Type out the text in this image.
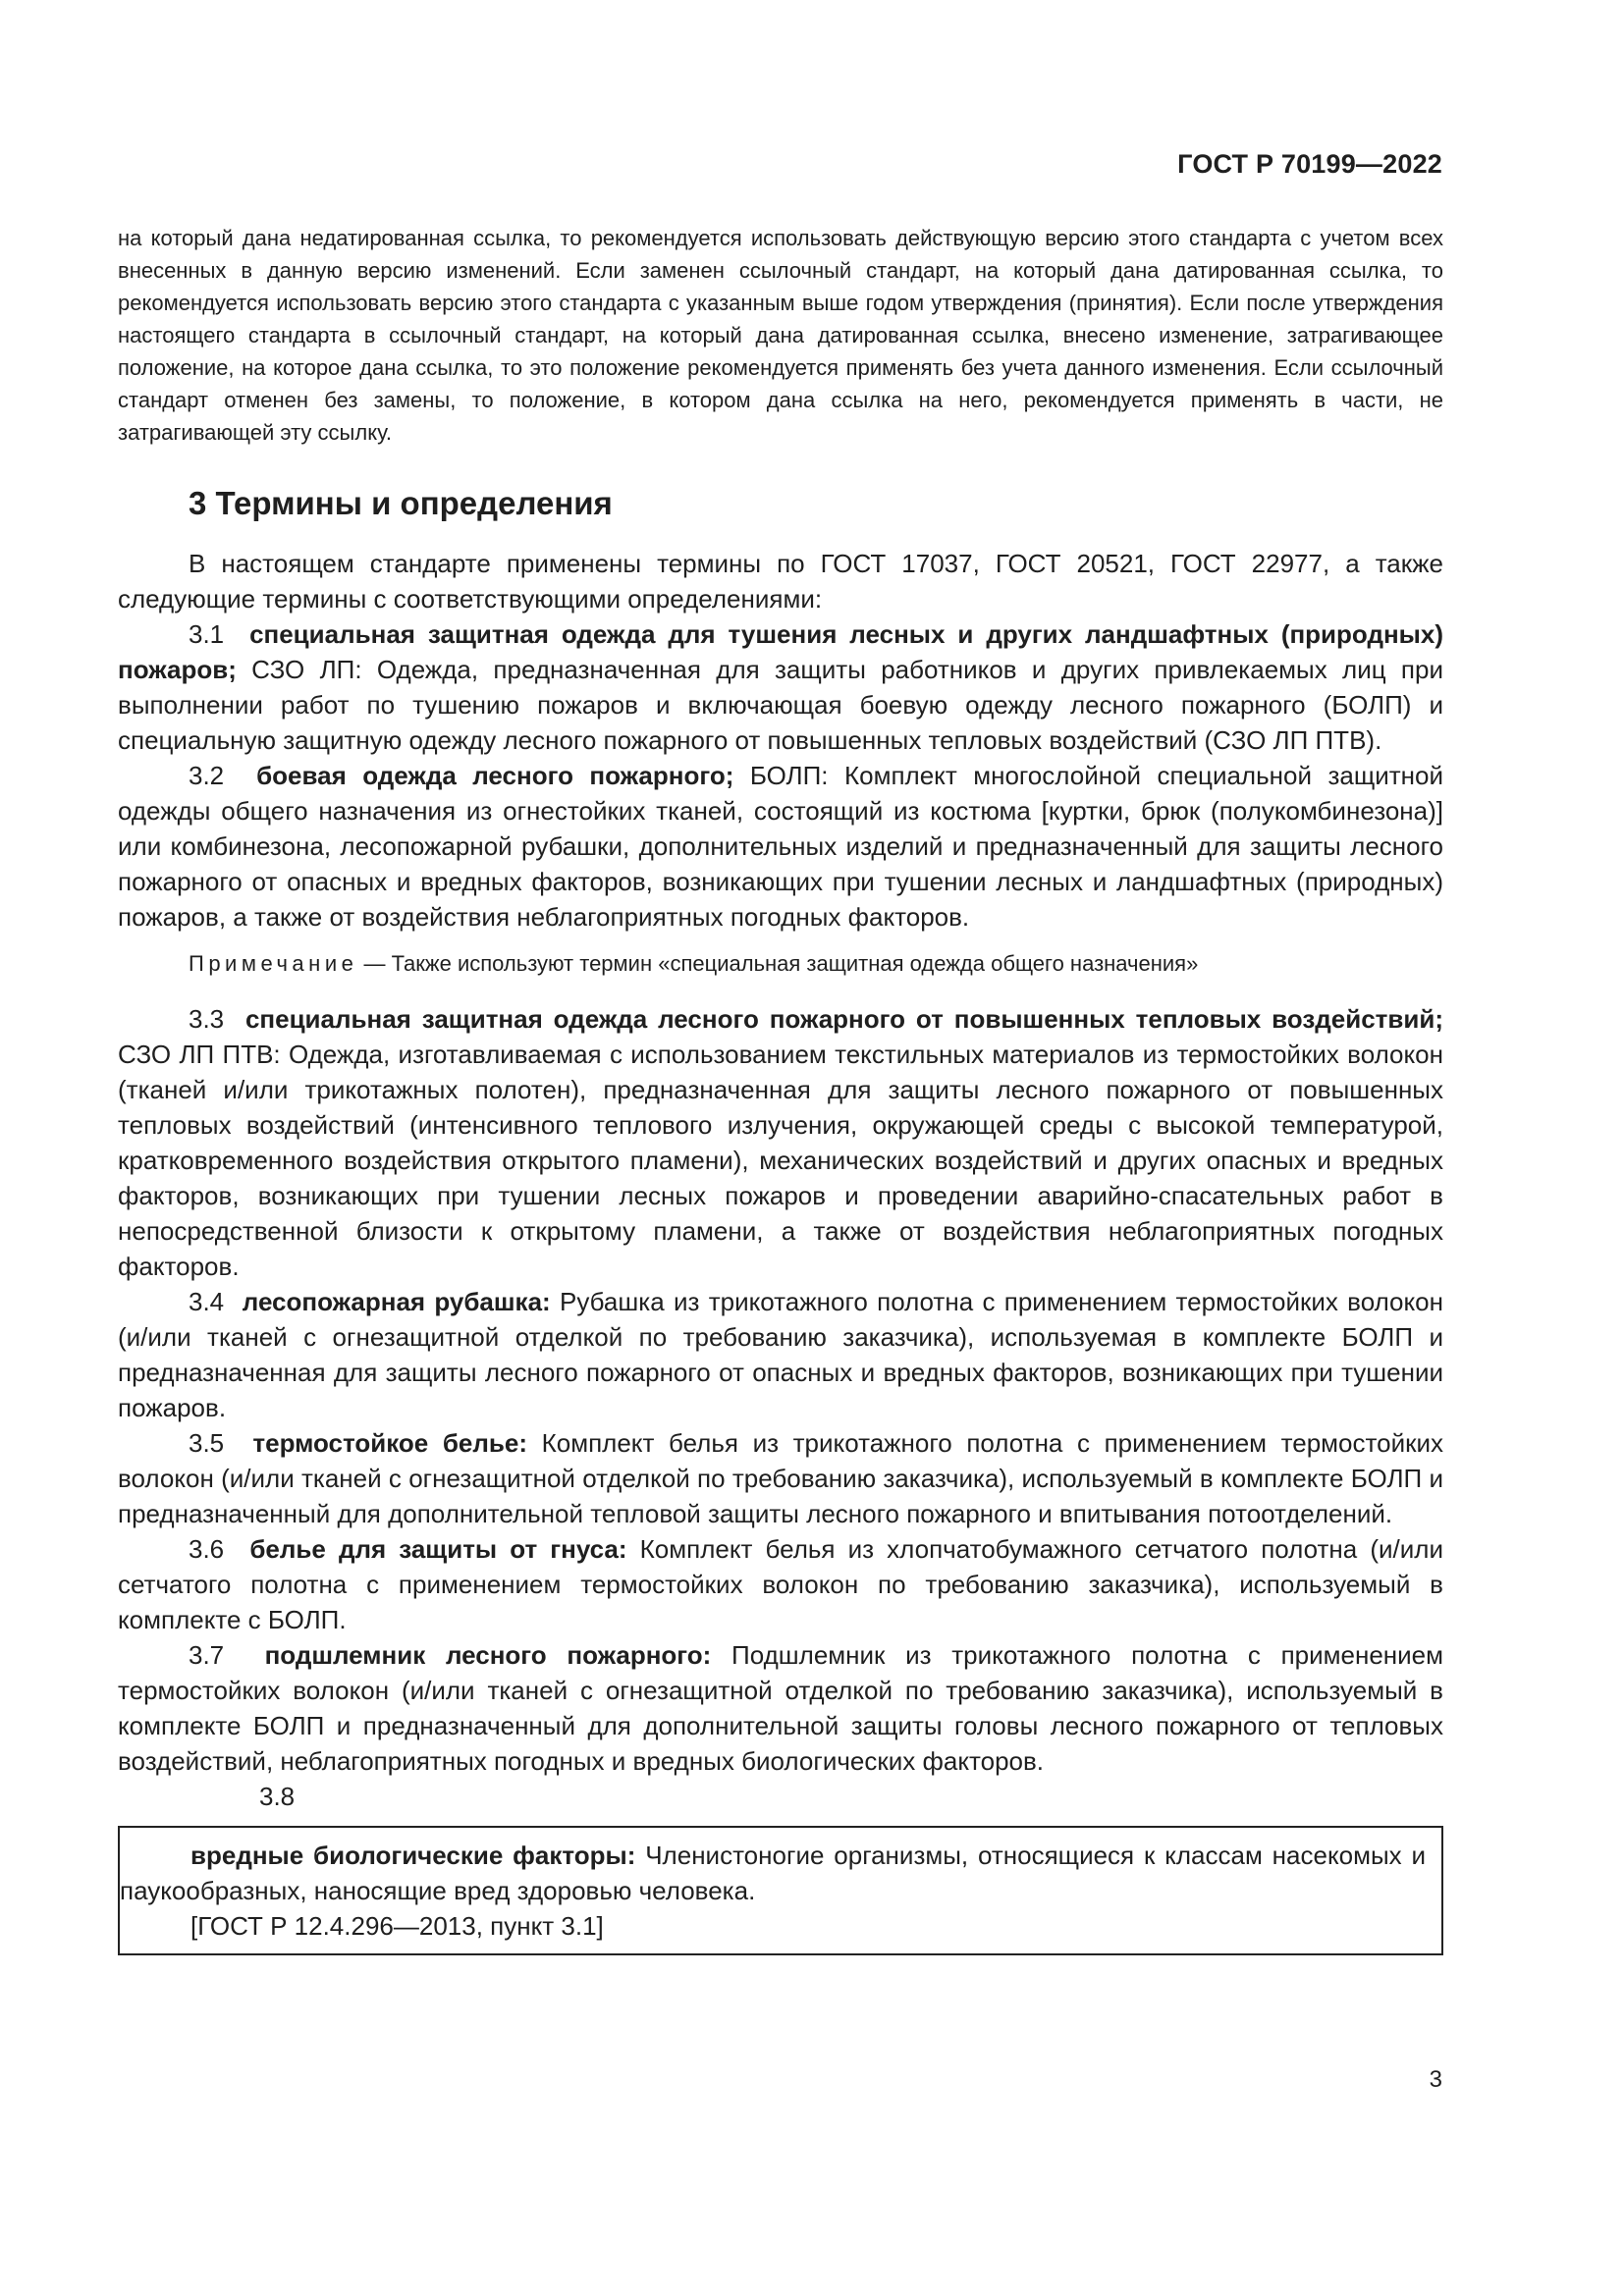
ГОСТ Р 70199—2022

на который дана недатированная ссылка, то рекомендуется использовать действующую версию этого стандарта с учетом всех внесенных в данную версию изменений. Если заменен ссылочный стандарт, на который дана датированная ссылка, то рекомендуется использовать версию этого стандарта с указанным выше годом утверждения (принятия). Если после утверждения настоящего стандарта в ссылочный стандарт, на который дана датированная ссылка, внесено изменение, затрагивающее положение, на которое дана ссылка, то это положение рекомендуется применять без учета данного изменения. Если ссылочный стандарт отменен без замены, то положение, в котором дана ссылка на него, рекомендуется применять в части, не затрагивающей эту ссылку.

3 Термины и определения

В настоящем стандарте применены термины по ГОСТ 17037, ГОСТ 20521, ГОСТ 22977, а также следующие термины с соответствующими определениями:

3.1 специальная защитная одежда для тушения лесных и других ландшафтных (природных) пожаров; СЗО ЛП: Одежда, предназначенная для защиты работников и других привлекаемых лиц при выполнении работ по тушению пожаров и включающая боевую одежду лесного пожарного (БОЛП) и специальную защитную одежду лесного пожарного от повышенных тепловых воздействий (СЗО ЛП ПТВ).

3.2 боевая одежда лесного пожарного; БОЛП: Комплект многослойной специальной защитной одежды общего назначения из огнестойких тканей, состоящий из костюма [куртки, брюк (полукомбинезона)] или комбинезона, лесопожарной рубашки, дополнительных изделий и предназначенный для защиты лесного пожарного от опасных и вредных факторов, возникающих при тушении лесных и ландшафтных (природных) пожаров, а также от воздействия неблагоприятных погодных факторов.

Примечание — Также используют термин «специальная защитная одежда общего назначения»

3.3 специальная защитная одежда лесного пожарного от повышенных тепловых воздействий; СЗО ЛП ПТВ: Одежда, изготавливаемая с использованием текстильных материалов из термостойких волокон (тканей и/или трикотажных полотен), предназначенная для защиты лесного пожарного от повышенных тепловых воздействий (интенсивного теплового излучения, окружающей среды с высокой температурой, кратковременного воздействия открытого пламени), механических воздействий и других опасных и вредных факторов, возникающих при тушении лесных пожаров и проведении аварийно-спасательных работ в непосредственной близости к открытому пламени, а также от воздействия неблагоприятных погодных факторов.

3.4 лесопожарная рубашка: Рубашка из трикотажного полотна с применением термостойких волокон (и/или тканей с огнезащитной отделкой по требованию заказчика), используемая в комплекте БОЛП и предназначенная для защиты лесного пожарного от опасных и вредных факторов, возникающих при тушении пожаров.

3.5 термостойкое белье: Комплект белья из трикотажного полотна с применением термостойких волокон (и/или тканей с огнезащитной отделкой по требованию заказчика), используемый в комплекте БОЛП и предназначенный для дополнительной тепловой защиты лесного пожарного и впитывания потоотделений.

3.6 белье для защиты от гнуса: Комплект белья из хлопчатобумажного сетчатого полотна (и/или сетчатого полотна с применением термостойких волокон по требованию заказчика), используемый в комплекте с БОЛП.

3.7 подшлемник лесного пожарного: Подшлемник из трикотажного полотна с применением термостойких волокон (и/или тканей с огнезащитной отделкой по требованию заказчика), используемый в комплекте БОЛП и предназначенный для дополнительной защиты головы лесного пожарного от тепловых воздействий, неблагоприятных погодных и вредных биологических факторов.

3.8

вредные биологические факторы: Членистоногие организмы, относящиеся к классам насекомых и паукообразных, наносящие вред здоровью человека.

[ГОСТ Р 12.4.296—2013, пункт 3.1]

3
